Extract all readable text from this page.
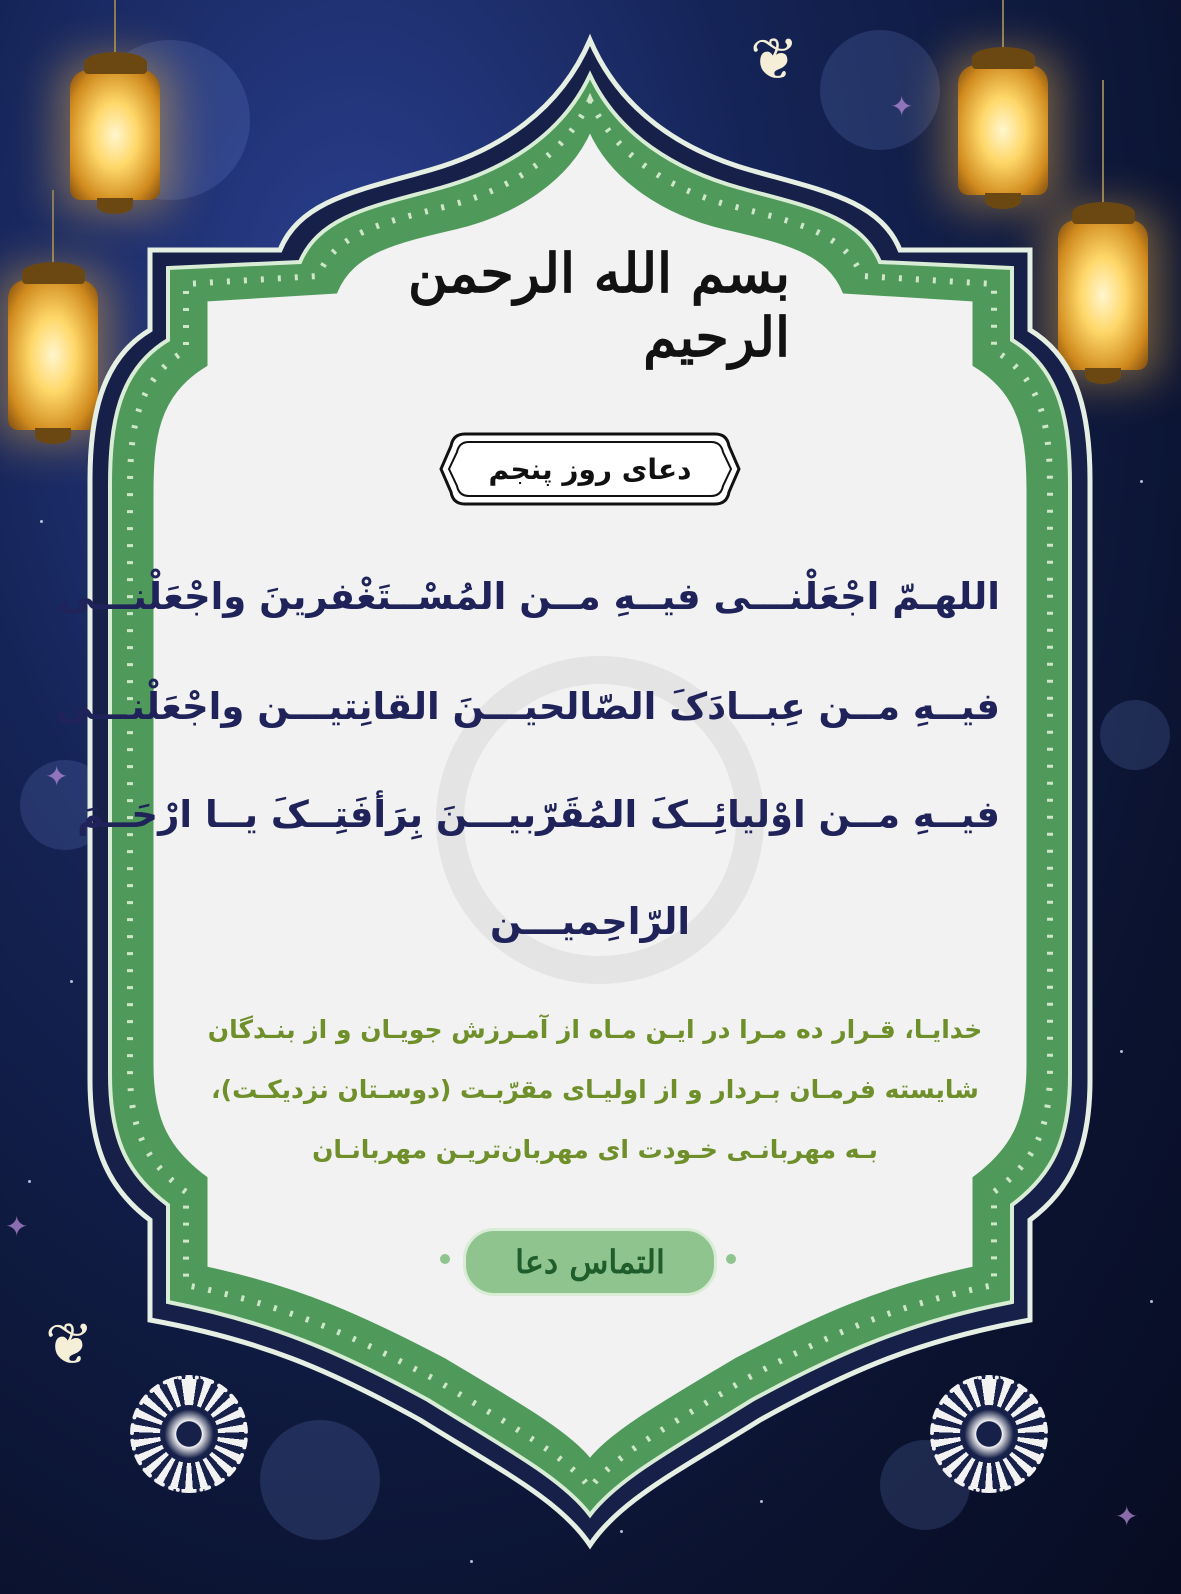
❦
❦
✦
✦
✦
✦
بسم الله الرحمن الرحیم
دعای روز پنجم
اللهـمّ اجْعَلْنـــی فیــهِ مــن المُسْــتَغْفرینَ واجْعَلْنـــی
فیــهِ مــن عِبــادَکَ الصّالحیـــنَ القانِتیـــن واجْعَلْنـــی
فیــهِ مــن اوْلیائِــکَ المُقَرّبیـــنَ بِرَأفَتِــکَ یــا ارْحَــمَ
الرّاحِمیـــن
خدایـا، قـرار ده مـرا در ایـن مـاه از آمـرزش جویـان و از بنـدگان
شایسته فرمـان بـردار و از اولیـای مقرّبـت (دوسـتان نزدیکـت)،
بـه مهربانـی خـودت ای مهربان‌تریـن مهربانـان
التماس دعا
